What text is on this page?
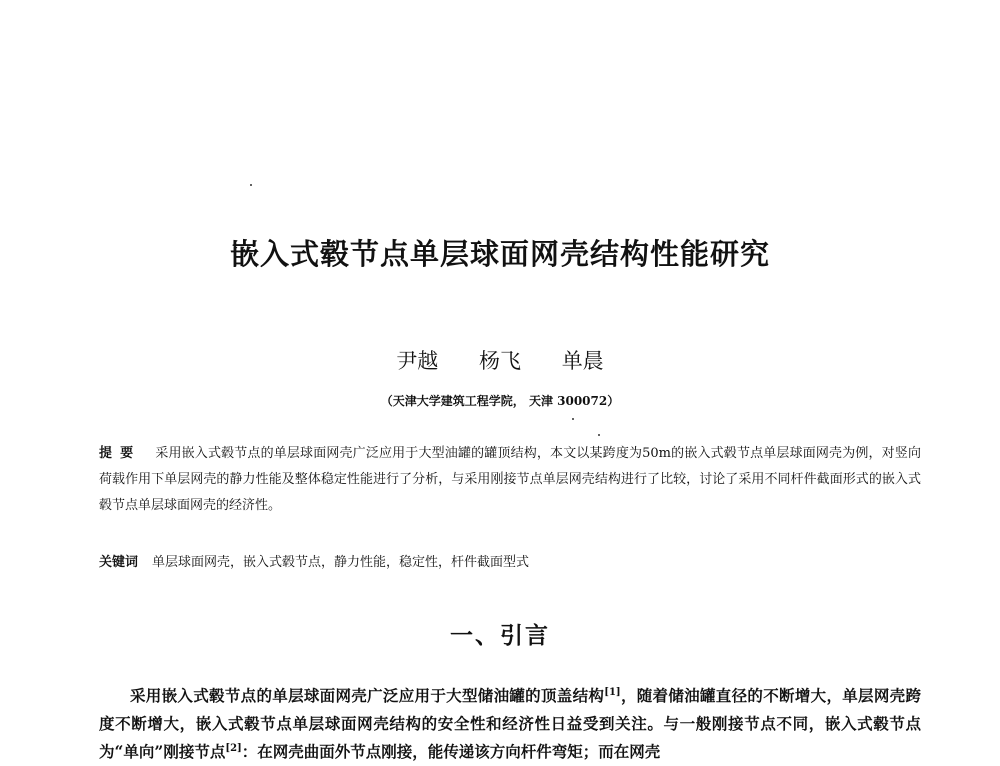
嵌入式毂节点单层球面网壳结构性能研究
尹越 杨飞 单晨
（天津大学建筑工程学院， 天津 300072）
提要 采用嵌入式毂节点的单层球面网壳广泛应用于大型油罐的罐顶结构，本文以某跨度为50m的嵌入式毂节点单层球面网壳为例，对竖向荷载作用下单层网壳的静力性能及整体稳定性能进行了分析，与采用刚接节点单层网壳结构进行了比较，讨论了采用不同杆件截面形式的嵌入式毂节点单层球面网壳的经济性。
关键词 单层球面网壳，嵌入式毂节点，静力性能，稳定性，杆件截面型式
一、引言

采用嵌入式毂节点的单层球面网壳广泛应用于大型储油罐的顶盖结构[1]，随着储油罐直径的不断增大，单层网壳跨度不断增大，嵌入式毂节点单层球面网壳结构的安全性和经济性日益受到关注。与一般刚接节点不同，嵌入式毂节点为“单向”刚接节点[2]：在网壳曲面外节点刚接，能传递该方向杆件弯矩；而在网壳
